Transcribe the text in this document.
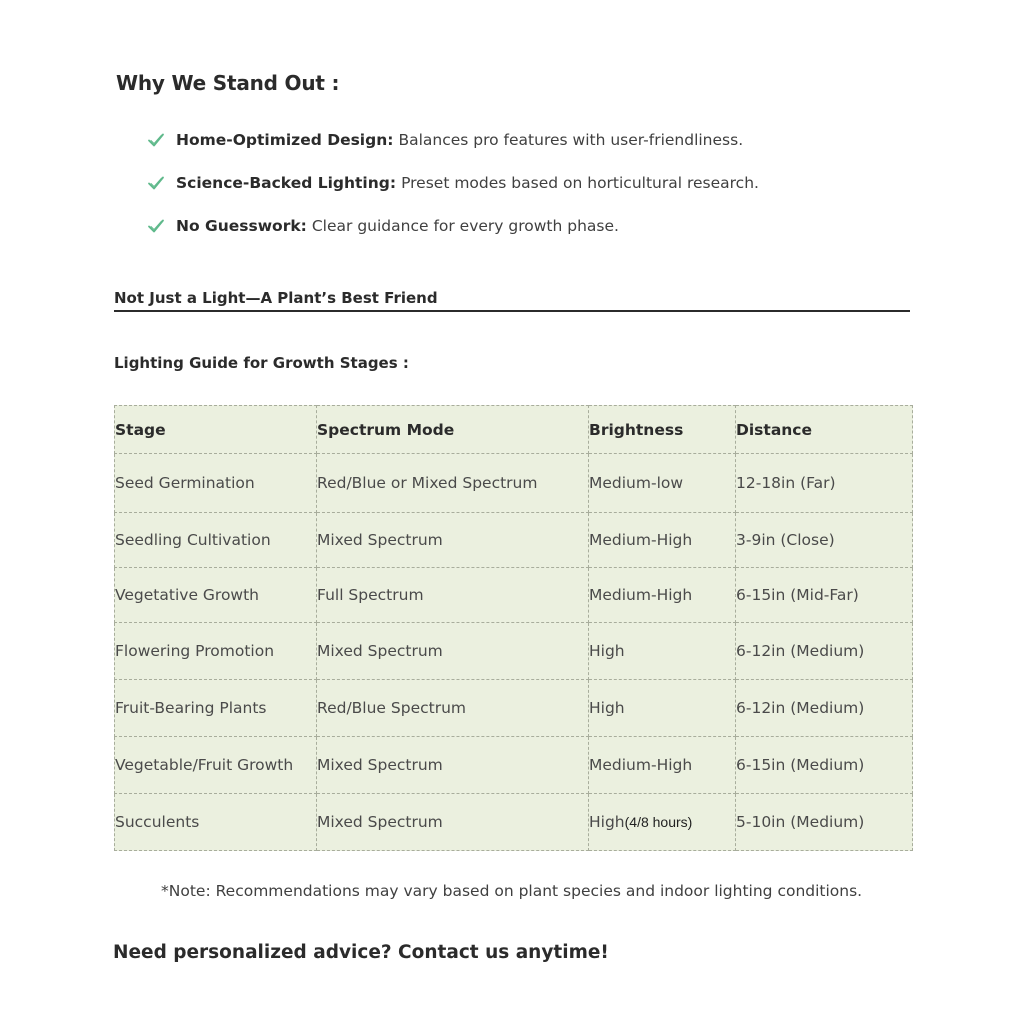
Why We Stand Out :
Home-Optimized Design: Balances pro features with user-friendliness.
Science-Backed Lighting: Preset modes based on horticultural research.
No Guesswork: Clear guidance for every growth phase.
Not Just a Light—A Plant’s Best Friend
Lighting Guide for Growth Stages :
Stage	Spectrum Mode	Brightness	Distance
Seed Germination	Red/Blue or Mixed Spectrum	Medium-low	12-18in (Far)
Seedling Cultivation	Mixed Spectrum	Medium-High	3-9in (Close)
Vegetative Growth	Full Spectrum	Medium-High	6-15in (Mid-Far)
Flowering Promotion	Mixed Spectrum	High	6-12in (Medium)
Fruit-Bearing Plants	Red/Blue Spectrum	High	6-12in (Medium)
Vegetable/Fruit Growth	Mixed Spectrum	Medium-High	6-15in (Medium)
Succulents	Mixed Spectrum	High(4/8 hours)	5-10in (Medium)
*Note: Recommendations may vary based on plant species and indoor lighting conditions.
Need personalized advice? Contact us anytime!
